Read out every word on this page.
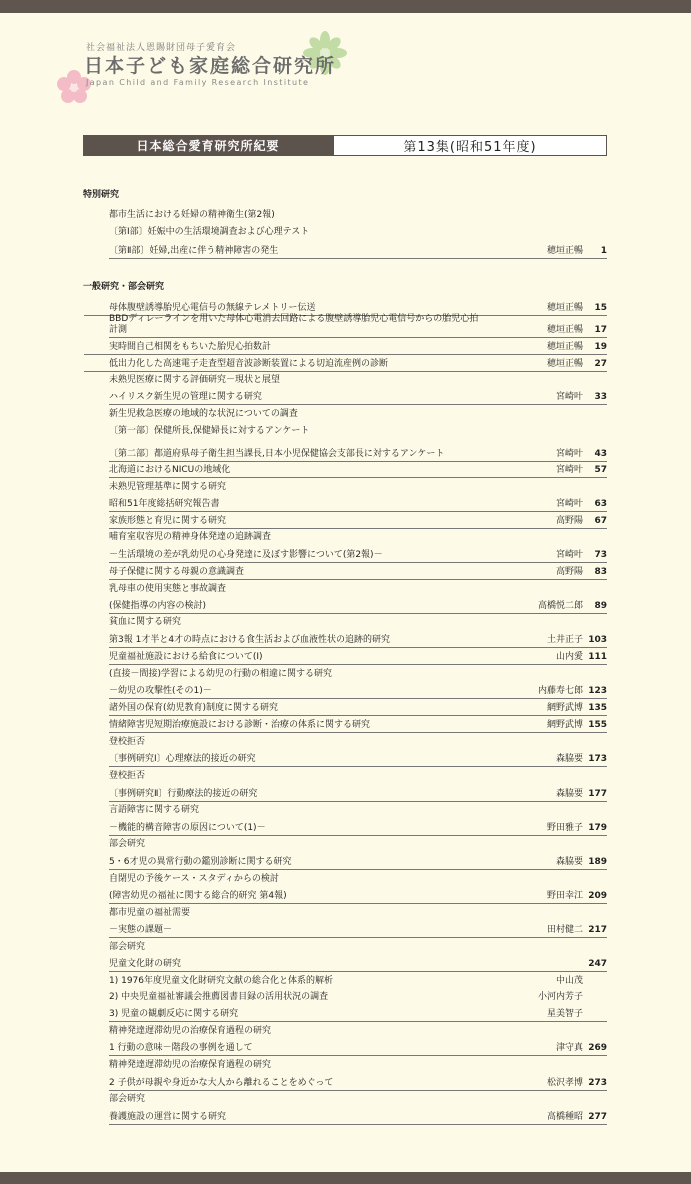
社会福祉法人恩賜財団母子愛育会
日本子ども家庭総合研究所
Japan Child and Family Research Institute
日本総合愛育研究所紀要	第13集(昭和51年度)
特別研究
一般研究・部会研究
都市生活における妊婦の精神衛生(第2報)
〔第Ⅰ部〕妊娠中の生活環境調査および心理テスト
〔第Ⅱ部〕妊婦,出産に伴う精神障害の発生	穂垣正暢 1
母体腹壁誘導胎児心電信号の無線テレメトリー伝送	穂垣正暢 15
BBDディレーラインを用いた母体心電消去回路による腹壁誘導胎児心電信号からの胎児心拍計測	穂垣正暢 17
実時間自己相関をもちいた胎児心拍数計	穂垣正暢 19
低出力化した高速電子走査型超音波診断装置による切迫流産例の診断	穂垣正暢 27
未熟児医療に関する評価研究－現状と展望
ハイリスク新生児の管理に関する研究	宮崎叶 33
新生児救急医療の地域的な状況についての調査
〔第一部〕保健所長,保健婦長に対するアンケート
〔第二部〕都道府県母子衛生担当課長,日本小児保健協会支部長に対するアンケート	宮崎叶 43
北海道におけるNICUの地域化	宮崎叶 57
未熟児管理基準に関する研究
昭和51年度総括研究報告書	宮崎叶 63
家族形態と育児に関する研究	高野陽 67
哺育室収容児の精神身体発達の追跡調査
－生活環境の差が乳幼児の心身発達に及ぼす影響について(第2報)－	宮崎叶 73
母子保健に関する母親の意識調査	高野陽 83
乳母車の使用実態と事故調査
(保健指導の内容の検討)	高橋悦二郎 89
貧血に関する研究
第3報 1才半と4才の時点における食生活および血液性状の追跡的研究	土井正子 103
児童福祉施設における給食について(Ⅰ)	山内愛 111
(直接－間接)学習による幼児の行動の相違に関する研究
－幼児の攻撃性(その1)－	内藤寿七郎 123
諸外国の保育(幼児教育)制度に関する研究	網野武博 135
情緒障害児短期治療施設における診断・治療の体系に関する研究	網野武博 155
登校拒否
〔事例研究Ⅰ〕心理療法的接近の研究	森脇要 173
登校拒否
〔事例研究Ⅱ〕行動療法的接近の研究	森脇要 177
言語障害に関する研究
－機能的構音障害の原因について(1)－	野田雅子 179
部会研究
5・6才児の異常行動の鑑別診断に関する研究	森脇要 189
自閉児の予後ケース・スタディからの検討
(障害幼児の福祉に関する総合的研究 第4報)	野田幸江 209
都市児童の福祉需要
－実態の課題－	田村健二 217
部会研究
児童文化財の研究	247
1) 1976年度児童文化財研究文献の総合化と体系的解析	中山茂
2) 中央児童福祉審議会推薦図書目録の活用状況の調査	小河内芳子
3) 児童の観劇反応に関する研究	星美智子
精神発達遅滞幼児の治療保育過程の研究
1 行動の意味－階段の事例を通して	津守真 269
精神発達遅滞幼児の治療保育過程の研究
2 子供が母親や身近かな大人から離れることをめぐって	松沢孝博 273
部会研究
養護施設の運営に関する研究	高橋種昭 277
